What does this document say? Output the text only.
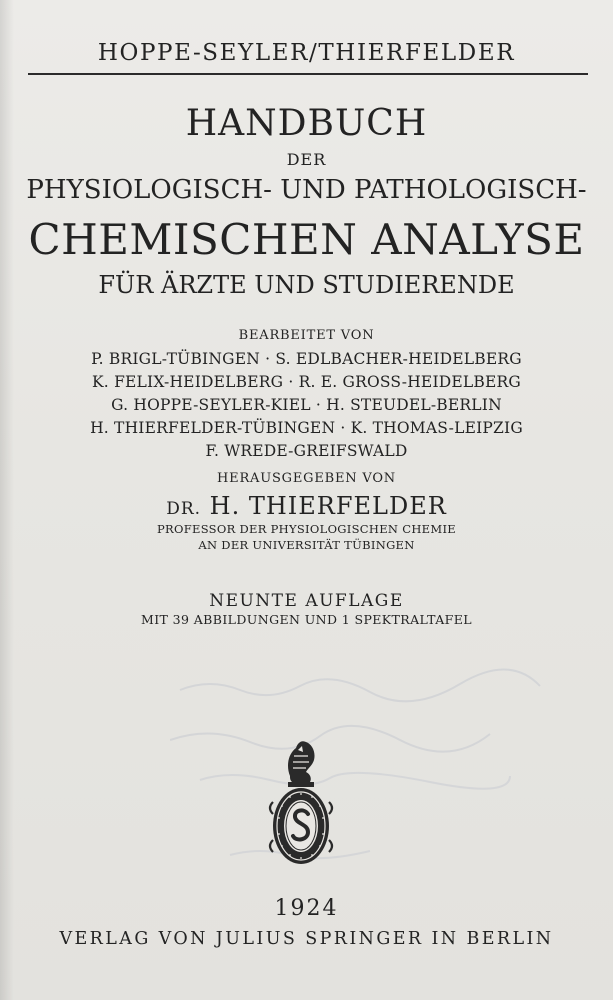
HOPPE-SEYLER/THIERFELDER

HANDBUCH

DER

PHYSIOLOGISCH- UND PATHOLOGISCH-

CHEMISCHEN ANALYSE

FÜR ÄRZTE UND STUDIERENDE

BEARBEITET VON

P. BRIGL-TÜBINGEN · S. EDLBACHER-HEIDELBERG

K. FELIX-HEIDELBERG · R. E. GROSS-HEIDELBERG

G. HOPPE-SEYLER-KIEL · H. STEUDEL-BERLIN

H. THIERFELDER-TÜBINGEN · K. THOMAS-LEIPZIG

F. WREDE-GREIFSWALD

HERAUSGEGEBEN VON

DR. H. THIERFELDER

PROFESSOR DER PHYSIOLOGISCHEN CHEMIE

AN DER UNIVERSITÄT TÜBINGEN

NEUNTE AUFLAGE

MIT 39 ABBILDUNGEN UND 1 SPEKTRALTAFEL

1924

VERLAG VON JULIUS SPRINGER IN BERLIN
